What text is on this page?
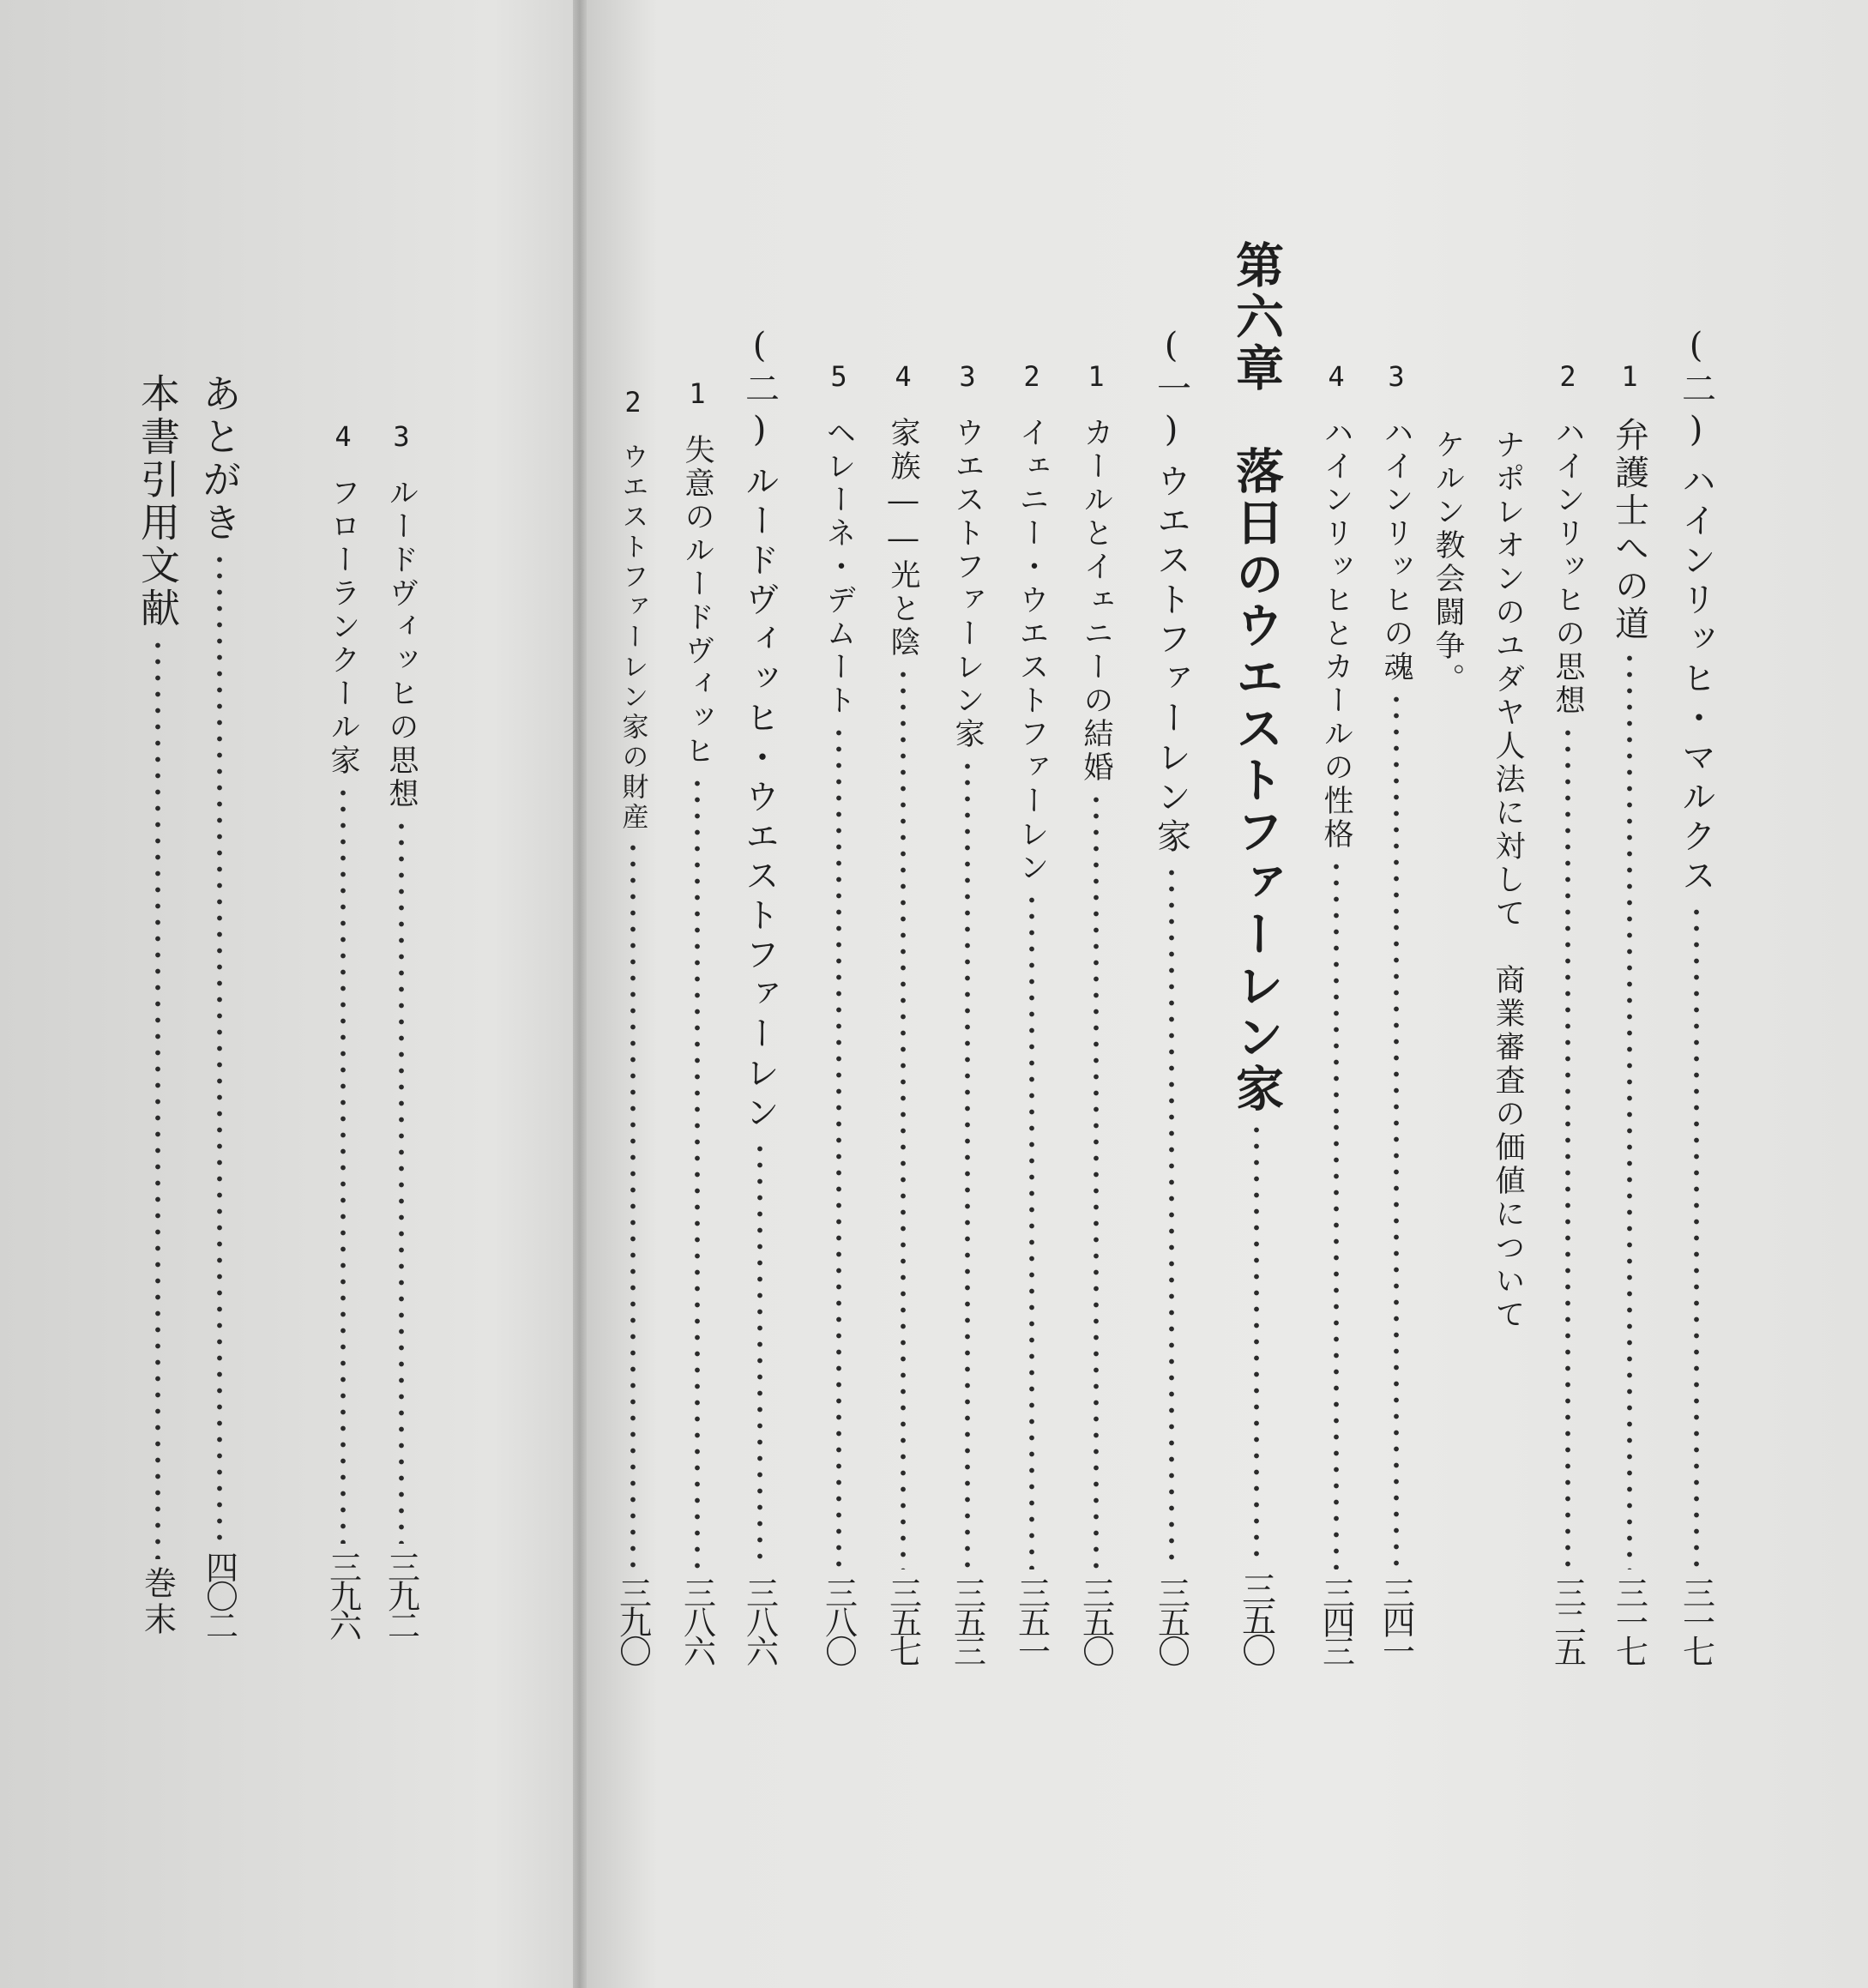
(二)
ハインリッヒ・マルクス
三一七
1
弁護士への道
三一七
2
ハインリッヒの思想
三二五
ナポレオンのユダヤ人法に対して　商業審査の価値について
ケルン教会闘争。
3
ハインリッヒの魂
三四一
4
ハインリッヒとカールの性格
三四三
第六章　落日のウエストファーレン家
三五〇
(一)
ウエストファーレン家
三五〇
1
カールとイェニーの結婚
三五〇
2
イェニー・ウエストファーレン
三五一
3
ウエストファーレン家
三五三
4
家族――光と陰
三五七
5
ヘレーネ・デムート
三八〇
(二)
ルードヴィッヒ・ウエストファーレン
三八六
1
失意のルードヴィッヒ
三八六
2
ウエストファーレン家の財産
三九〇
3
ルードヴィッヒの思想
三九二
4
フローランクール家
三九六
あとがき
四〇二
本書引用文献
巻末
